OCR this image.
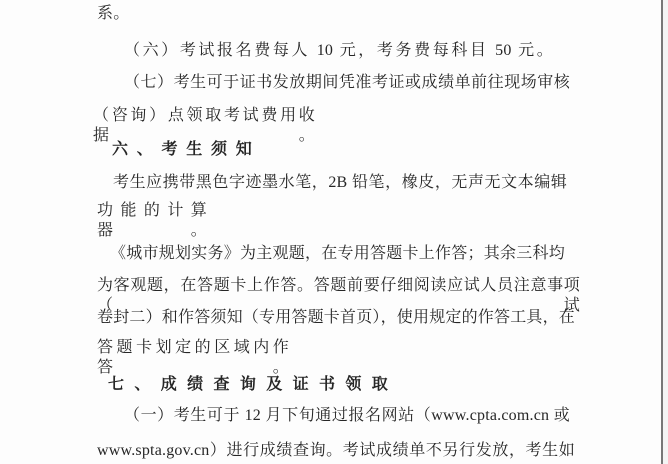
系。
（六）考试报名费每人 10 元，考务费每科目 50 元。
（七）考生可于证书发放期间凭准考证或成绩单前往现场审核
（咨询）点领取考试费用收据。
六、考生须知
考生应携带黑色字迹墨水笔，2B 铅笔，橡皮，无声无文本编辑
功能的计算器。
《城市规划实务》为主观题，在专用答题卡上作答；其余三科均
为客观题，在答题卡上作答。答题前要仔细阅读应试人员注意事项（试
卷封二）和作答须知（专用答题卡首页），使用规定的作答工具，在
答题卡划定的区域内作答。
七、成绩查询及证书领取
（一）考生可于 12 月下旬通过报名网站（www.cpta.com.cn 或
www.spta.gov.cn）进行成绩查询。考试成绩单不另行发放，考生如
